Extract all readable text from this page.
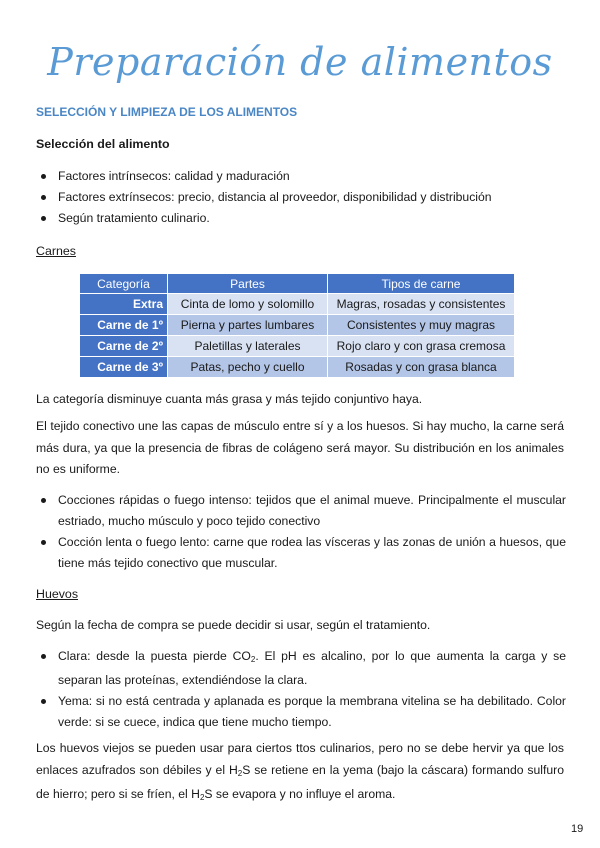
Preparación de alimentos
SELECCIÓN Y LIMPIEZA DE LOS ALIMENTOS
Selección del alimento
Factores intrínsecos: calidad y maduración
Factores extrínsecos: precio, distancia al proveedor, disponibilidad y distribución
Según tratamiento culinario.
Carnes
Categoría	Partes	Tipos de carne
Extra	Cinta de lomo y solomillo	Magras, rosadas y consistentes
Carne de 1º	Pierna y partes lumbares	Consistentes y muy magras
Carne de 2º	Paletillas y laterales	Rojo claro y con grasa cremosa
Carne de 3º	Patas, pecho y cuello	Rosadas y con grasa blanca
La categoría disminuye cuanta más grasa y más tejido conjuntivo haya.
El tejido conectivo une las capas de músculo entre sí y a los huesos. Si hay mucho, la carne será más dura, ya que la presencia de fibras de colágeno será mayor. Su distribución en los animales no es uniforme.
Cocciones rápidas o fuego intenso: tejidos que el animal mueve. Principalmente el muscular estriado, mucho músculo y poco tejido conectivo
Cocción lenta o fuego lento: carne que rodea las vísceras y las zonas de unión a huesos, que tiene más tejido conectivo que muscular.
Huevos
Según la fecha de compra se puede decidir si usar, según el tratamiento.
Clara: desde la puesta pierde $CO_2$. El pH es alcalino, por lo que aumenta la carga y se separan las proteínas, extendiéndose la clara.
Yema: si no está centrada y aplanada es porque la membrana vitelina se ha debilitado. Color verde: si se cuece, indica que tiene mucho tiempo.
Los huevos viejos se pueden usar para ciertos ttos culinarios, pero no se debe hervir ya que los enlaces azufrados son débiles y el $H_2S$ se retiene en la yema (bajo la cáscara) formando sulfuro de hierro; pero si se fríen, el $H_2S$ se evapora y no influye el aroma.
19
